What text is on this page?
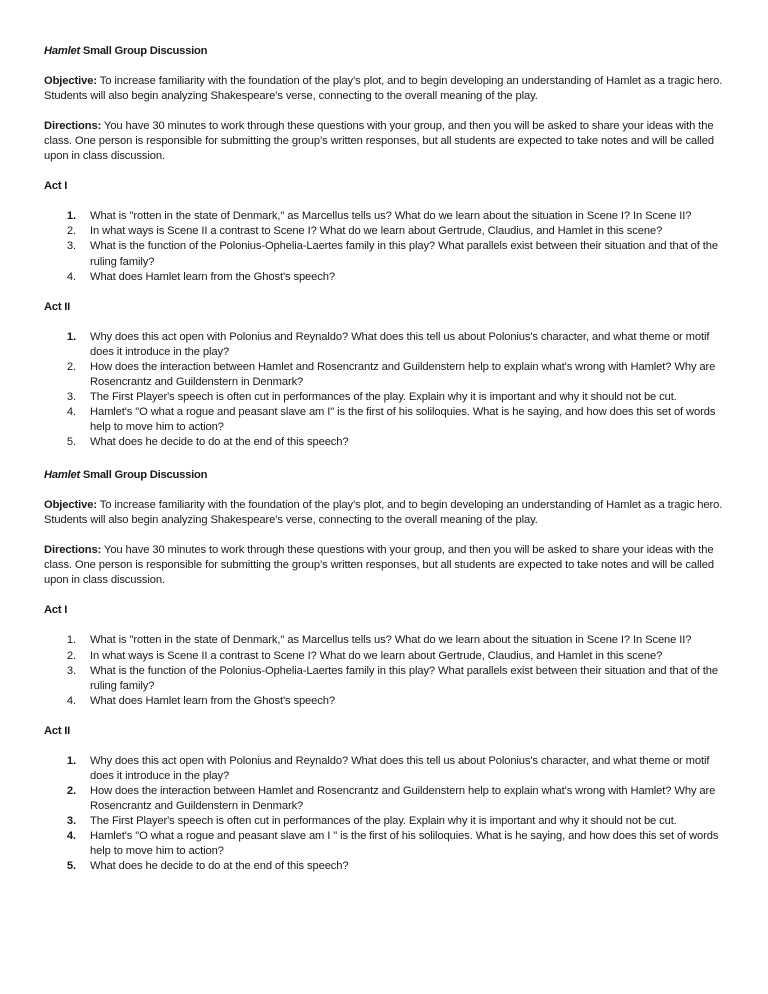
Hamlet Small Group Discussion

Objective: To increase familiarity with the foundation of the play’s plot, and to begin developing an understanding of Hamlet as a tragic hero. Students will also begin analyzing Shakespeare’s verse, connecting to the overall meaning of the play.

Directions: You have 30 minutes to work through these questions with your group, and then you will be asked to share your ideas with the class. One person is responsible for submitting the group’s written responses, but all students are expected to take notes and will be called upon in class discussion.

Act I

1. What is "rotten in the state of Denmark," as Marcellus tells us? What do we learn about the situation in Scene I? In Scene II?
2. In what ways is Scene II a contrast to Scene I? What do we learn about Gertrude, Claudius, and Hamlet in this scene?
3. What is the function of the Polonius-Ophelia-Laertes family in this play? What parallels exist between their situation and that of the ruling family?
4. What does Hamlet learn from the Ghost's speech?

Act II

1. Why does this act open with Polonius and Reynaldo? What does this tell us about Polonius's character, and what theme or motif does it introduce in the play?
2. How does the interaction between Hamlet and Rosencrantz and Guildenstern help to explain what's wrong with Hamlet? Why are Rosencrantz and Guildenstern in Denmark?
3. The First Player's speech is often cut in performances of the play. Explain why it is important and why it should not be cut.
4. Hamlet's "O what a rogue and peasant slave am I" is the first of his soliloquies. What is he saying, and how does this set of words help to move him to action?
5. What does he decide to do at the end of this speech?

Hamlet Small Group Discussion

Objective: To increase familiarity with the foundation of the play’s plot, and to begin developing an understanding of Hamlet as a tragic hero. Students will also begin analyzing Shakespeare’s verse, connecting to the overall meaning of the play.

Directions: You have 30 minutes to work through these questions with your group, and then you will be asked to share your ideas with the class. One person is responsible for submitting the group’s written responses, but all students are expected to take notes and will be called upon in class discussion.

Act I

1. What is "rotten in the state of Denmark," as Marcellus tells us? What do we learn about the situation in Scene I? In Scene II?
2. In what ways is Scene II a contrast to Scene I? What do we learn about Gertrude, Claudius, and Hamlet in this scene?
3. What is the function of the Polonius-Ophelia-Laertes family in this play? What parallels exist between their situation and that of the ruling family?
4. What does Hamlet learn from the Ghost's speech?

Act II

1. Why does this act open with Polonius and Reynaldo? What does this tell us about Polonius's character, and what theme or motif does it introduce in the play?
2. How does the interaction between Hamlet and Rosencrantz and Guildenstern help to explain what's wrong with Hamlet? Why are Rosencrantz and Guildenstern in Denmark?
3. The First Player's speech is often cut in performances of the play. Explain why it is important and why it should not be cut.
4. Hamlet's "O what a rogue and peasant slave am I " is the first of his soliloquies. What is he saying, and how does this set of words help to move him to action?
5. What does he decide to do at the end of this speech?
